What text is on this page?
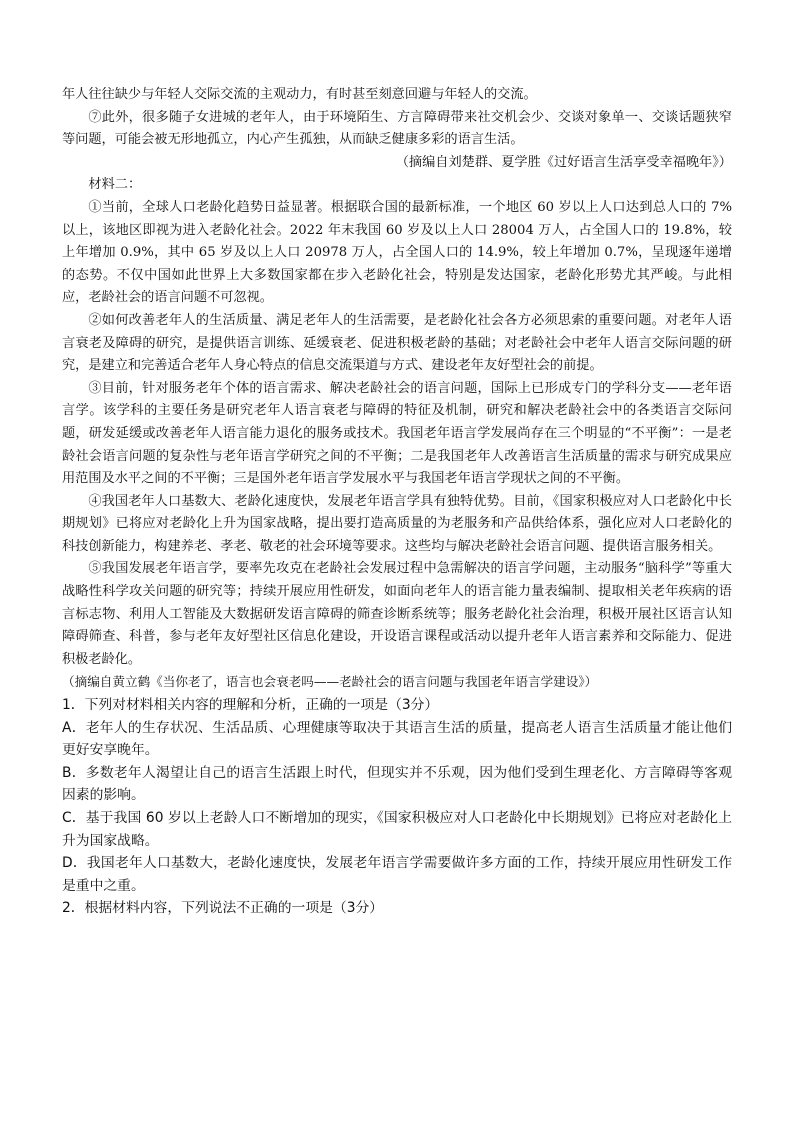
年人往往缺少与年轻人交际交流的主观动力，有时甚至刻意回避与年轻人的交流。

⑦此外，很多随子女进城的老年人，由于环境陌生、方言障碍带来社交机会少、交谈对象单一、交谈话题狭窄等问题，可能会被无形地孤立，内心产生孤独，从而缺乏健康多彩的语言生活。

（摘编自刘楚群、夏学胜《过好语言生活享受幸福晚年》）

材料二：

①当前，全球人口老龄化趋势日益显著。根据联合国的最新标准，一个地区 60 岁以上人口达到总人口的 7%以上，该地区即视为进入老龄化社会。2022 年末我国 60 岁及以上人口 28004 万人，占全国人口的 19.8%，较上年增加 0.9%，其中 65 岁及以上人口 20978 万人，占全国人口的 14.9%，较上年增加 0.7%，呈现逐年递增的态势。不仅中国如此世界上大多数国家都在步入老龄化社会，特别是发达国家，老龄化形势尤其严峻。与此相应，老龄社会的语言问题不可忽视。

②如何改善老年人的生活质量、满足老年人的生活需要，是老龄化社会各方必须思索的重要问题。对老年人语言衰老及障碍的研究，是提供语言训练、延缓衰老、促进积极老龄的基础；对老龄社会中老年人语言交际问题的研究，是建立和完善适合老年人身心特点的信息交流渠道与方式、建设老年友好型社会的前提。

③目前，针对服务老年个体的语言需求、解决老龄社会的语言问题，国际上已形成专门的学科分支——老年语言学。该学科的主要任务是研究老年人语言衰老与障碍的特征及机制，研究和解决老龄社会中的各类语言交际问题，研发延缓或改善老年人语言能力退化的服务或技术。我国老年语言学发展尚存在三个明显的“不平衡”：一是老龄社会语言问题的复杂性与老年语言学研究之间的不平衡；二是我国老年人改善语言生活质量的需求与研究成果应用范围及水平之间的不平衡；三是国外老年语言学发展水平与我国老年语言学现状之间的不平衡。

④我国老年人口基数大、老龄化速度快，发展老年语言学具有独特优势。目前，《国家积极应对人口老龄化中长期规划》已将应对老龄化上升为国家战略，提出要打造高质量的为老服务和产品供给体系，强化应对人口老龄化的科技创新能力，构建养老、孝老、敬老的社会环境等要求。这些均与解决老龄社会语言问题、提供语言服务相关。

⑤我国发展老年语言学，要率先攻克在老龄社会发展过程中急需解决的语言学问题，主动服务“脑科学”等重大战略性科学攻关问题的研究等；持续开展应用性研发，如面向老年人的语言能力量表编制、提取相关老年疾病的语言标志物、利用人工智能及大数据研发语言障碍的筛查诊断系统等；服务老龄化社会治理，积极开展社区语言认知障碍筛查、科普，参与老年友好型社区信息化建设，开设语言课程或活动以提升老年人语言素养和交际能力、促进积极老龄化。

（摘编自黄立鹤《当你老了，语言也会衰老吗——老龄社会的语言问题与我国老年语言学建设》）

1．下列对材料相关内容的理解和分析，正确的一项是（3分）

A．老年人的生存状况、生活品质、心理健康等取决于其语言生活的质量，提高老人语言生活质量才能让他们更好安享晚年。

B．多数老年人渴望让自己的语言生活跟上时代，但现实并不乐观，因为他们受到生理老化、方言障碍等客观因素的影响。

C．基于我国 60 岁以上老龄人口不断增加的现实，《国家积极应对人口老龄化中长期规划》已将应对老龄化上升为国家战略。

D．我国老年人口基数大，老龄化速度快，发展老年语言学需要做许多方面的工作，持续开展应用性研发工作是重中之重。

2．根据材料内容，下列说法不正确的一项是（3分）
